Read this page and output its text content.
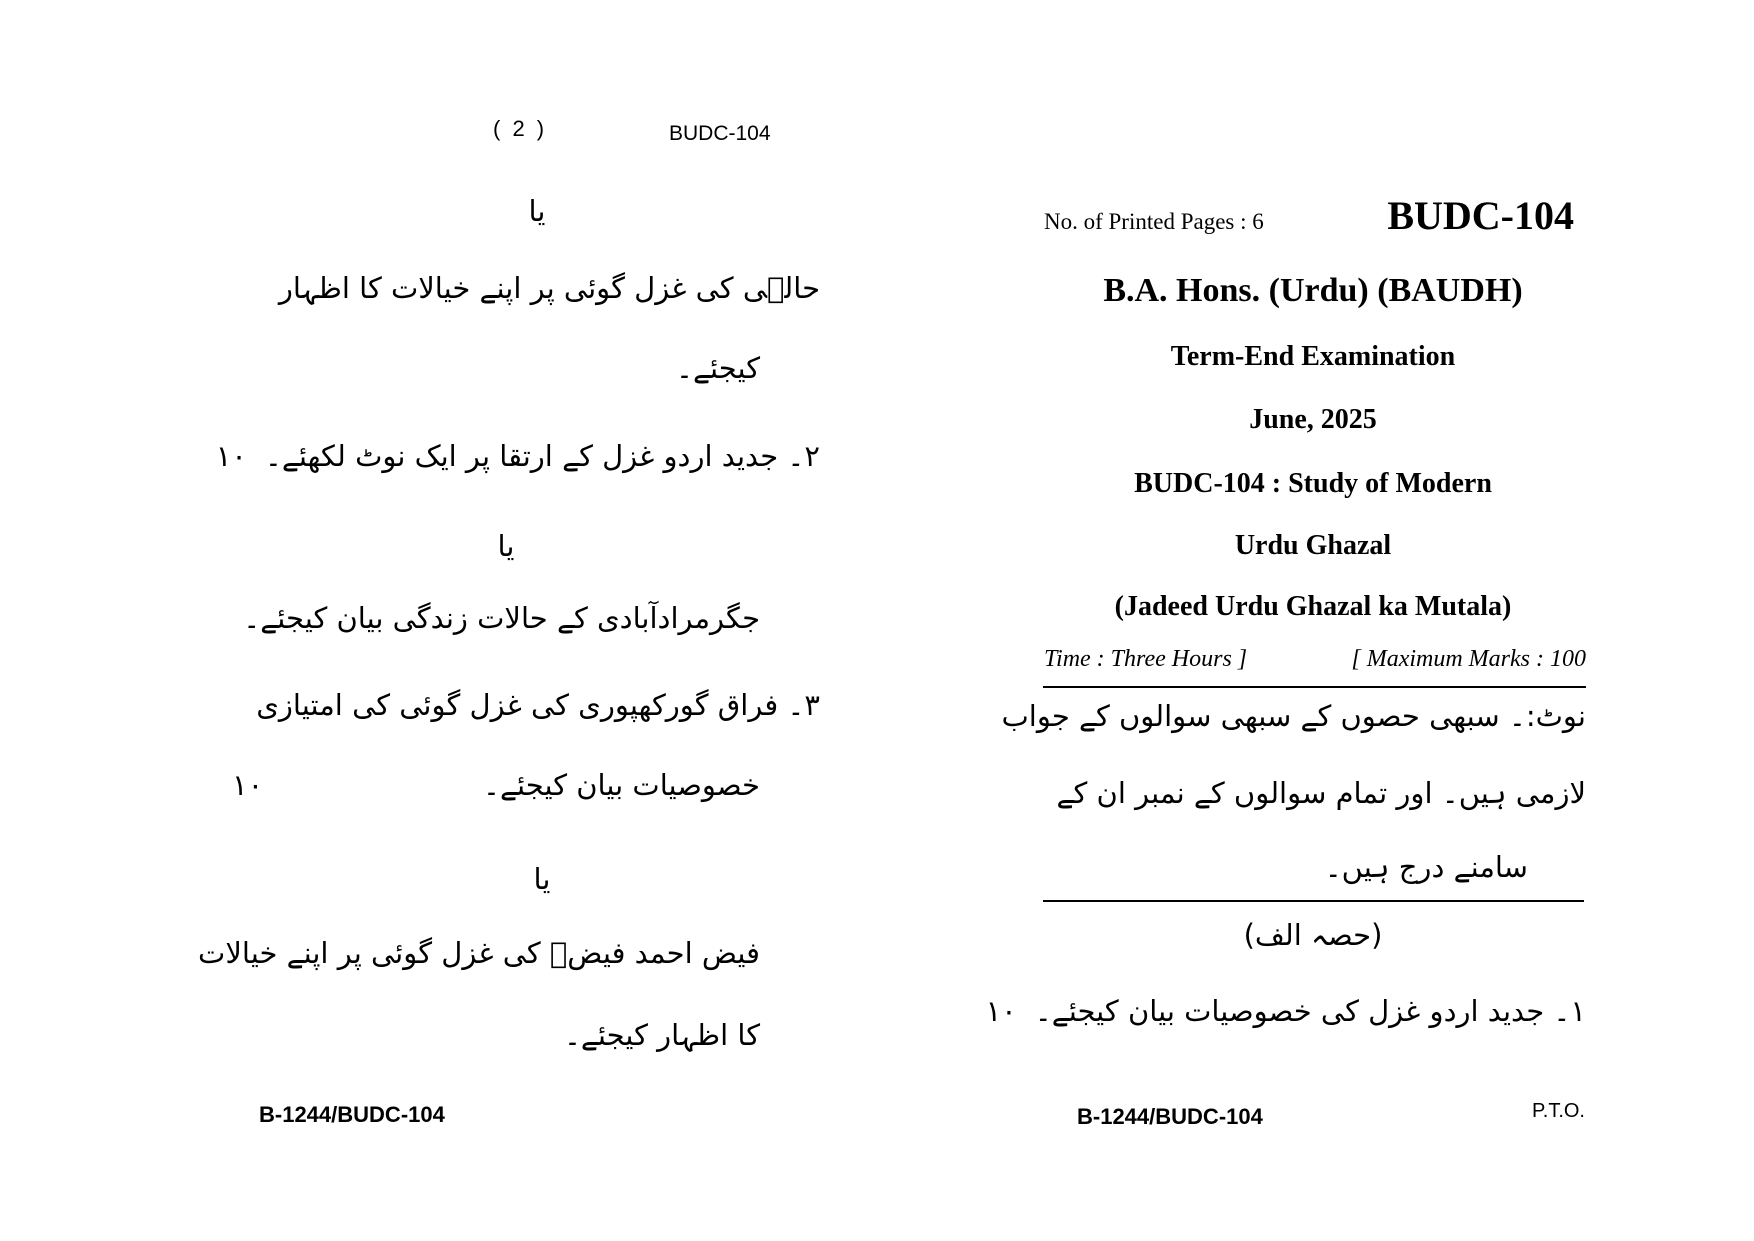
( 2 )	BUDC-104
یا
حالؔی کی غزل گوئی پر اپنے خیالات کا اظہار
کیجئے۔
٢۔ جدید اردو غزل کے ارتقا پر ایک نوٹ لکھئے۔
١٠
یا
جگرمرادآبادی کے حالات زندگی بیان کیجئے۔
٣۔ فراق گورکھپوری کی غزل گوئی کی امتیازی
خصوصیات بیان کیجئے۔
١٠
یا
فیض احمد فیضؔ کی غزل گوئی پر اپنے خیالات
کا اظہار کیجئے۔
B-1244/BUDC-104
No. of Printed Pages : 6	BUDC-104
B.A. Hons. (Urdu) (BAUDH)
Term-End Examination
June, 2025
BUDC-104 : Study of Modern
Urdu Ghazal
(Jadeed Urdu Ghazal ka Mutala)
Time : Three Hours ]	[ Maximum Marks : 100
نوٹ:۔ سبھی حصوں کے سبھی سوالوں کے جواب
لازمی ہیں۔ اور تمام سوالوں کے نمبر ان کے
سامنے درج ہیں۔
(حصہ الف)
١۔ جدید اردو غزل کی خصوصیات بیان کیجئے۔
١٠
B-1244/BUDC-104	P.T.O.
